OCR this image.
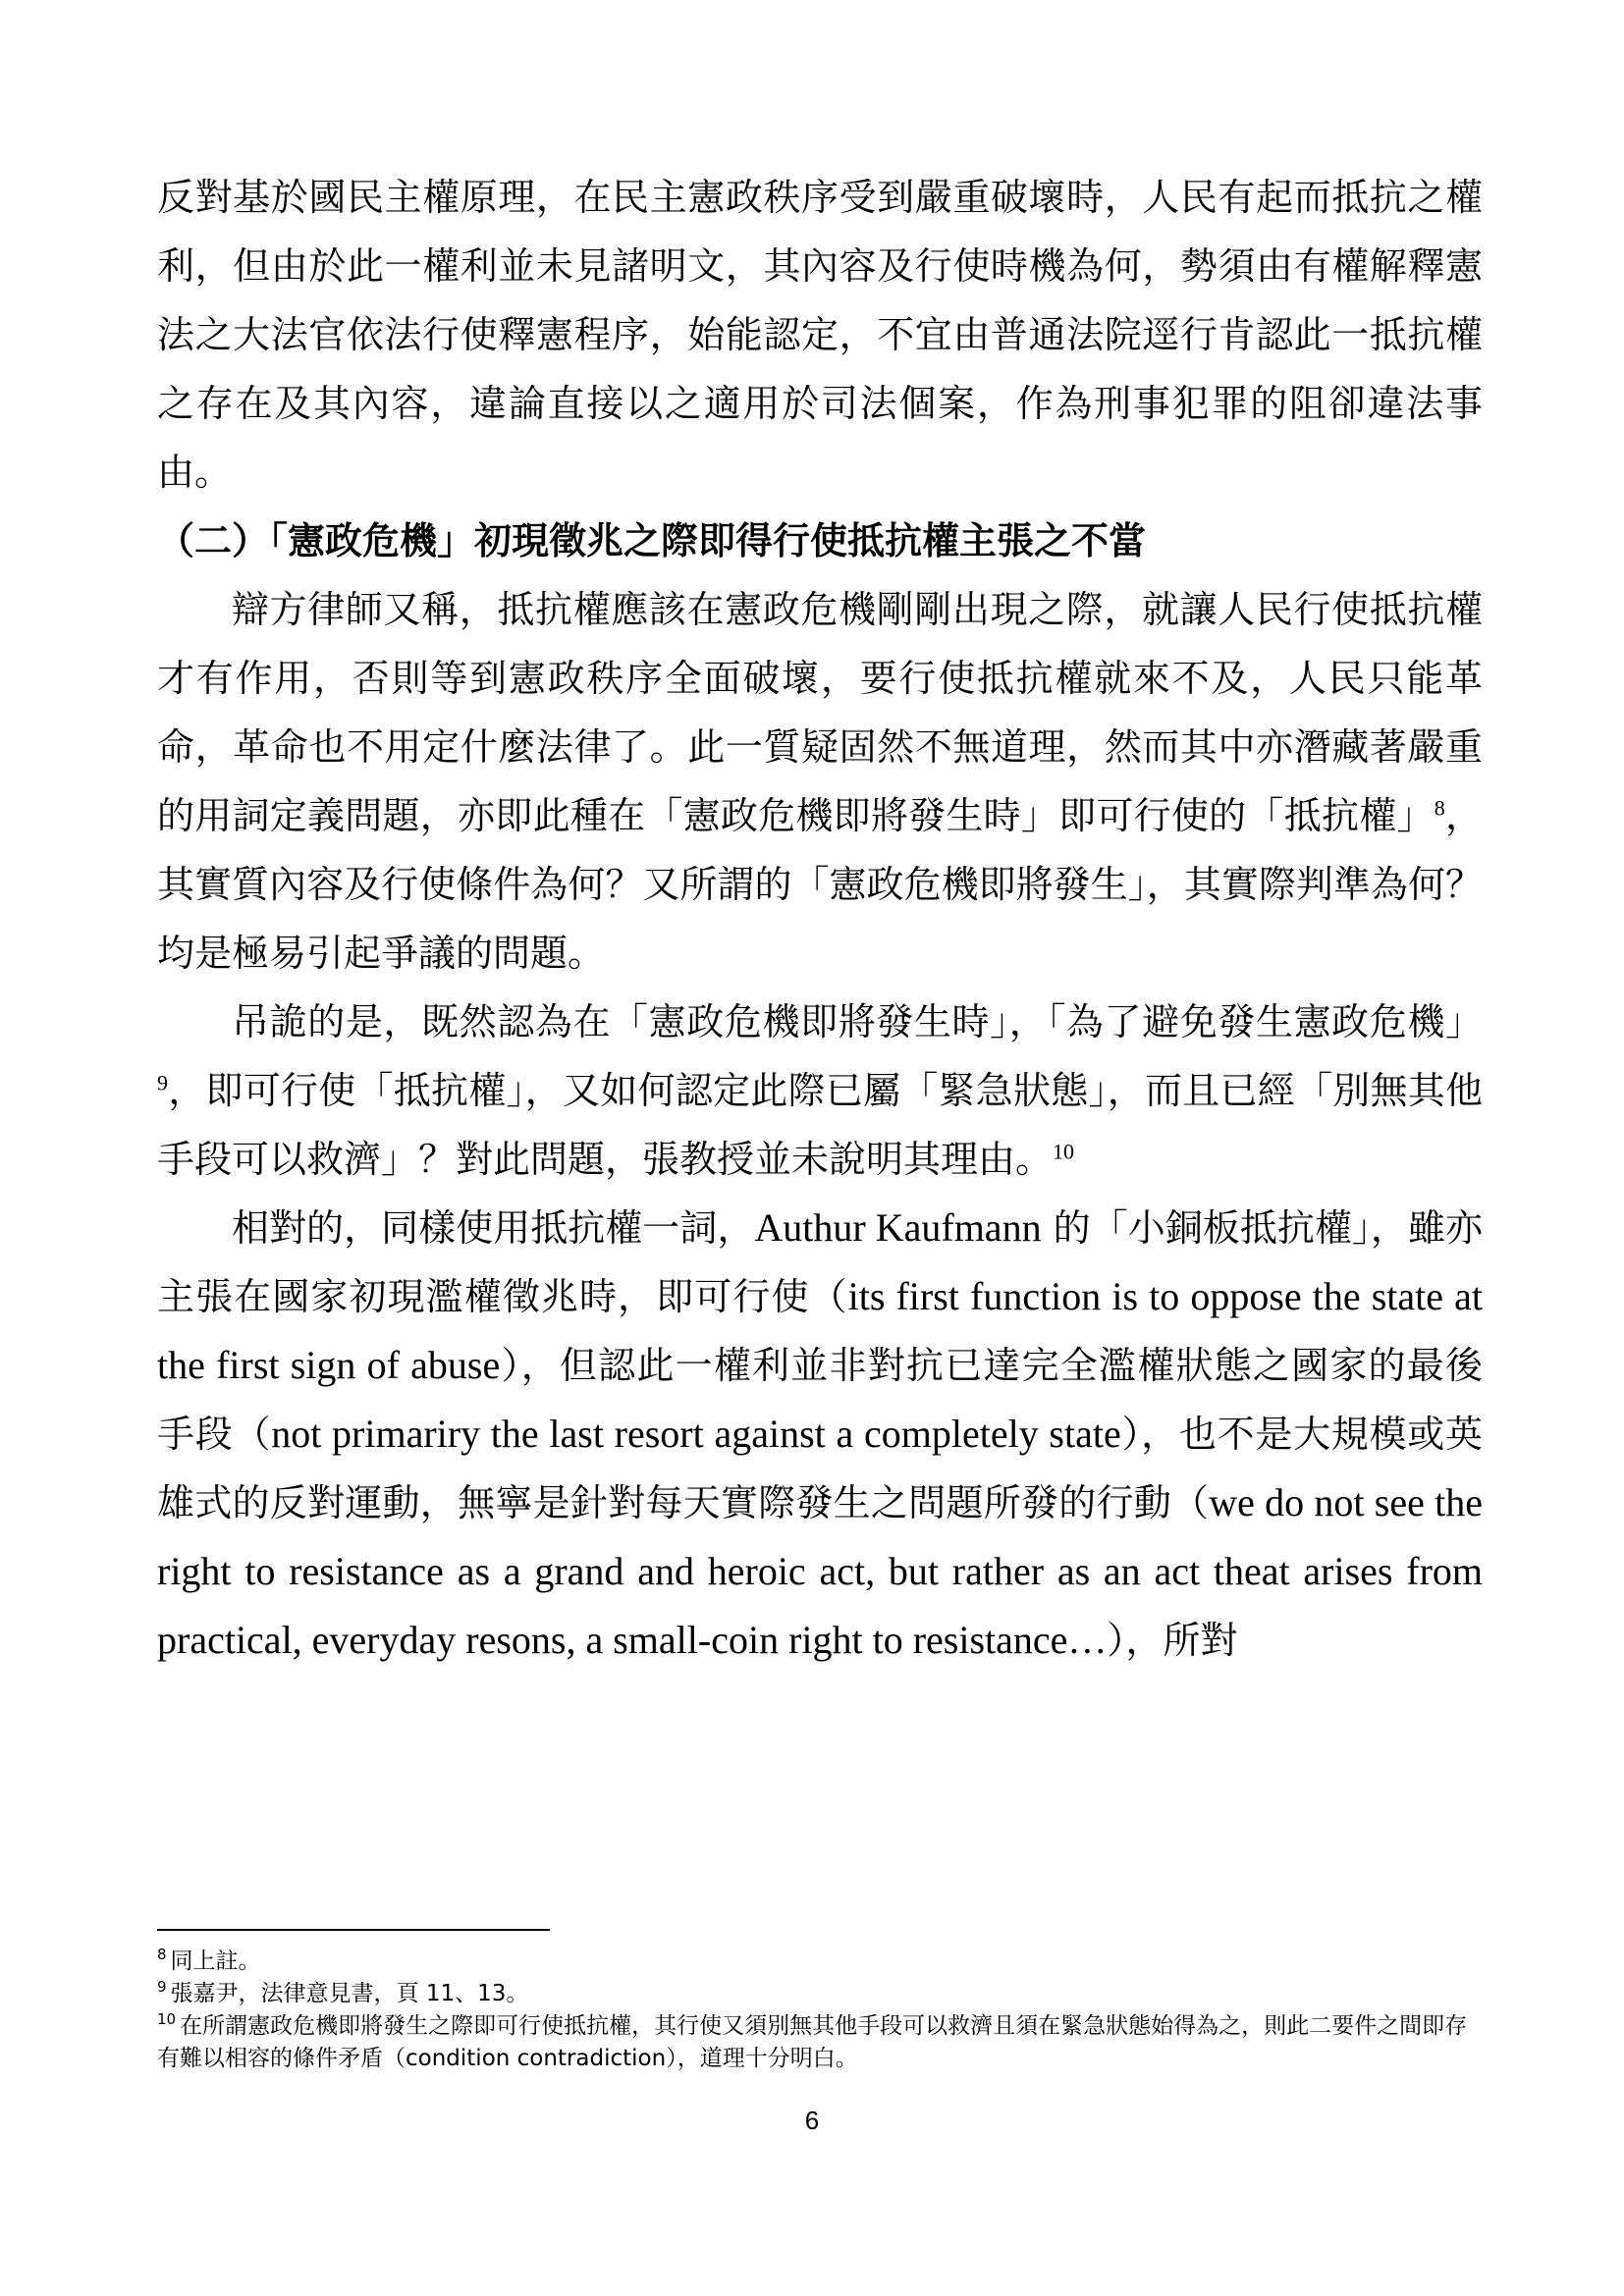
反對基於國民主權原理，在民主憲政秩序受到嚴重破壞時，人民有起而抵抗之權利，但由於此一權利並未見諸明文，其內容及行使時機為何，勢須由有權解釋憲法之大法官依法行使釋憲程序，始能認定，不宜由普通法院逕行肯認此一抵抗權之存在及其內容，違論直接以之適用於司法個案，作為刑事犯罪的阻卻違法事由。

（二）「憲政危機」初現徵兆之際即得行使抵抗權主張之不當

辯方律師又稱，抵抗權應該在憲政危機剛剛出現之際，就讓人民行使抵抗權才有作用，否則等到憲政秩序全面破壞，要行使抵抗權就來不及，人民只能革命，革命也不用定什麼法律了。此一質疑固然不無道理，然而其中亦潛藏著嚴重的用詞定義問題，亦即此種在「憲政危機即將發生時」即可行使的「抵抗權」$^8$，其實質內容及行使條件為何？又所謂的「憲政危機即將發生」，其實際判準為何？均是極易引起爭議的問題。

吊詭的是，既然認為在「憲政危機即將發生時」，「為了避免發生憲政危機」$^9$，即可行使「抵抗權」，又如何認定此際已屬「緊急狀態」，而且已經「別無其他手段可以救濟」？對此問題，張教授並未說明其理由。$^{10}$

相對的，同樣使用抵抗權一詞，Authur Kaufmann 的「小銅板抵抗權」，雖亦主張在國家初現濫權徵兆時，即可行使（its first function is to oppose the state at the first sign of abuse），但認此一權利並非對抗已達完全濫權狀態之國家的最後手段（not primariry the last resort against a completely state），也不是大規模或英雄式的反對運動，無寧是針對每天實際發生之問題所發的行動（we do not see the right to resistance as a grand and heroic act, but rather as an act theat arises from practical, everyday resons, a small-coin right to resistance…），所對

$^8$ 同上註。

$^9$ 張嘉尹，法律意見書，頁 11、13。

$^{10}$ 在所謂憲政危機即將發生之際即可行使抵抗權，其行使又須別無其他手段可以救濟且須在緊急狀態始得為之，則此二要件之間即存有難以相容的條件矛盾（condition contradiction），道理十分明白。

6
